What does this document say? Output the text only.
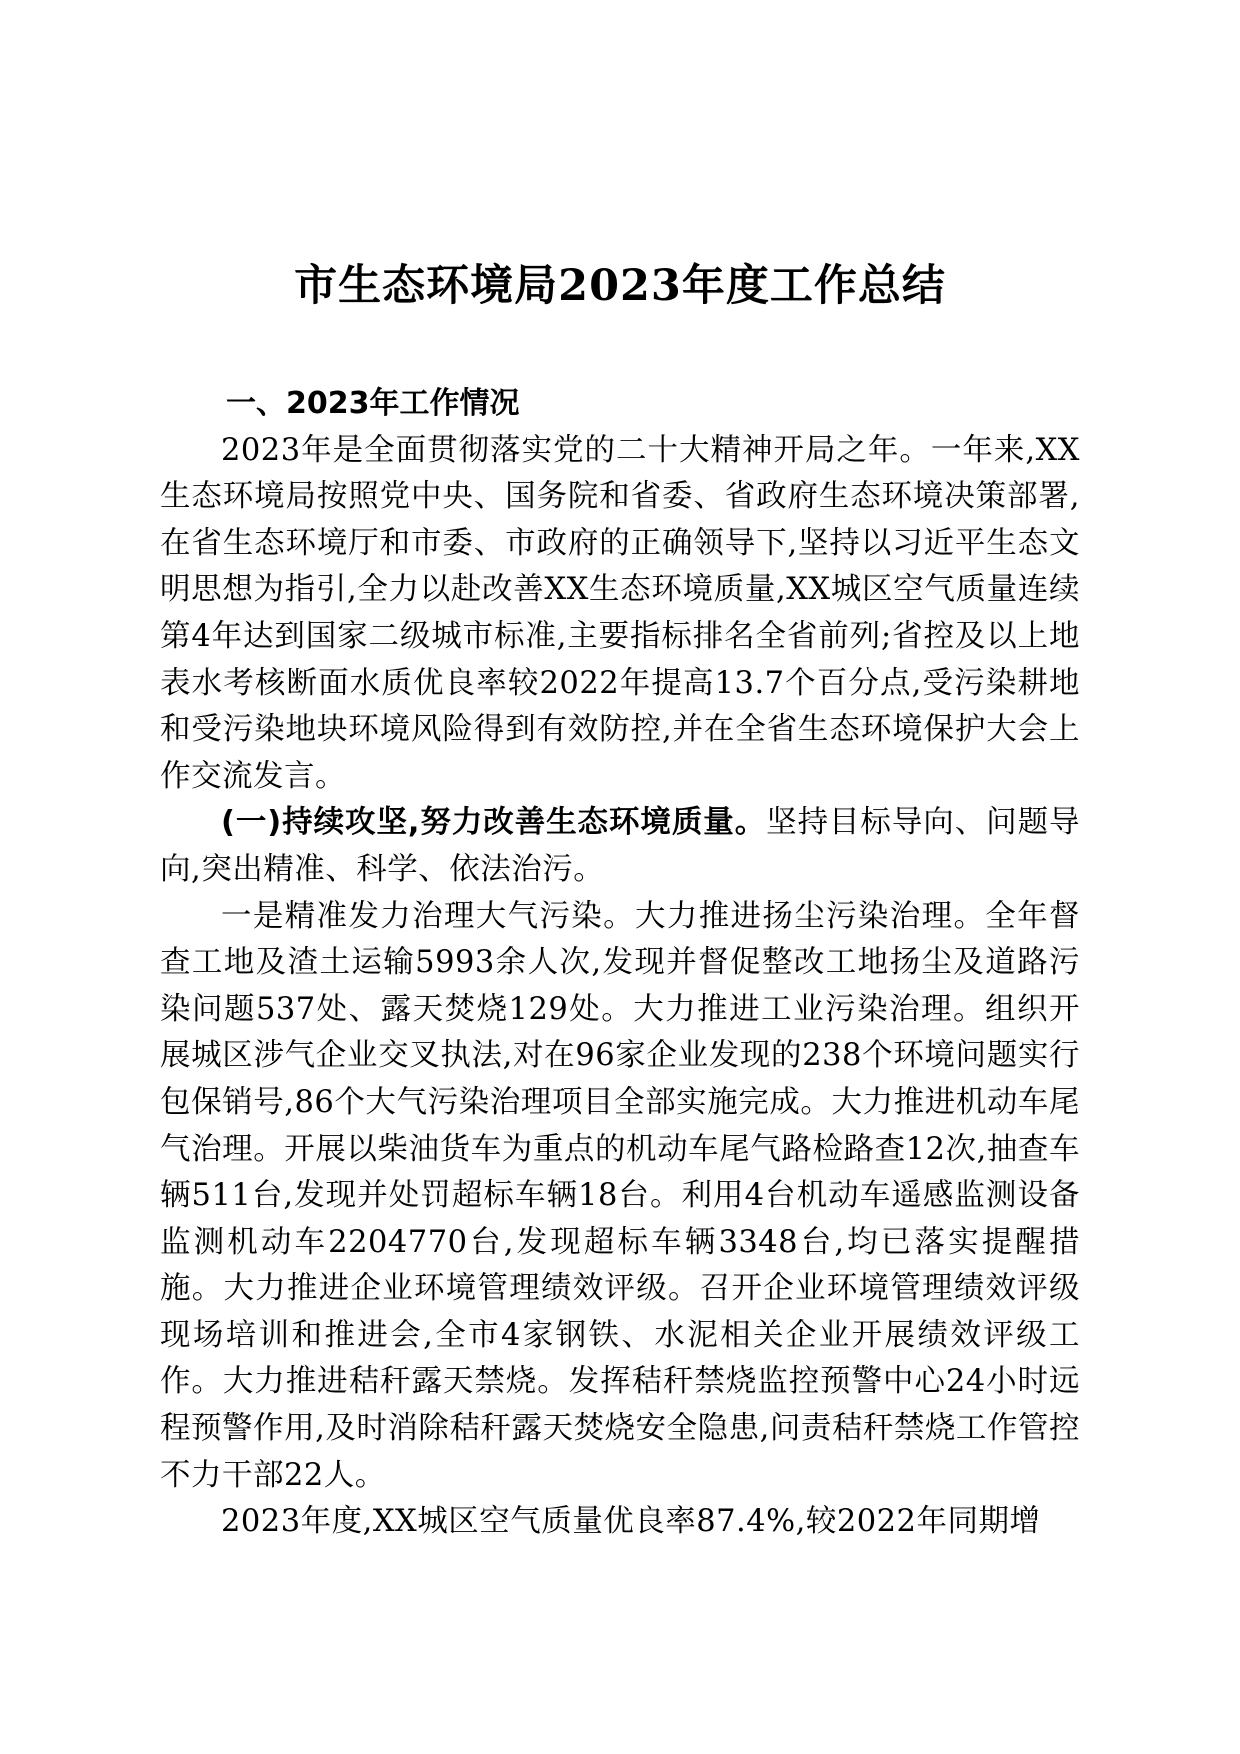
市生态环境局2023年度工作总结

一、2023年工作情况

2023年是全面贯彻落实党的二十大精神开局之年。一年来,XX生态环境局按照党中央、国务院和省委、省政府生态环境决策部署,在省生态环境厅和市委、市政府的正确领导下,坚持以习近平生态文明思想为指引,全力以赴改善XX生态环境质量,XX城区空气质量连续第4年达到国家二级城市标准,主要指标排名全省前列;省控及以上地表水考核断面水质优良率较2022年提高13.7个百分点,受污染耕地和受污染地块环境风险得到有效防控,并在全省生态环境保护大会上作交流发言。

(一)持续攻坚,努力改善生态环境质量。坚持目标导向、问题导向,突出精准、科学、依法治污。

一是精准发力治理大气污染。大力推进扬尘污染治理。全年督查工地及渣土运输5993余人次,发现并督促整改工地扬尘及道路污染问题537处、露天焚烧129处。大力推进工业污染治理。组织开展城区涉气企业交叉执法,对在96家企业发现的238个环境问题实行包保销号,86个大气污染治理项目全部实施完成。大力推进机动车尾气治理。开展以柴油货车为重点的机动车尾气路检路查12次,抽查车辆511台,发现并处罚超标车辆18台。利用4台机动车遥感监测设备监测机动车2204770台,发现超标车辆3348台,均已落实提醒措施。大力推进企业环境管理绩效评级。召开企业环境管理绩效评级现场培训和推进会,全市4家钢铁、水泥相关企业开展绩效评级工作。大力推进秸秆露天禁烧。发挥秸秆禁烧监控预警中心24小时远程预警作用,及时消除秸秆露天焚烧安全隐患,问责秸秆禁烧工作管控不力干部22人。

2023年度,XX城区空气质量优良率87.4%,较2022年同期增
